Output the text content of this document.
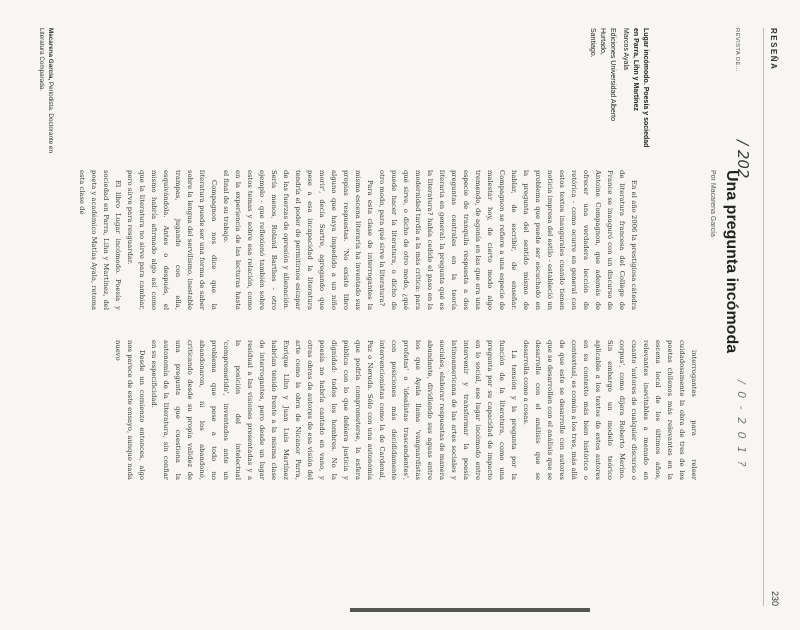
RESEÑA
230
REVISTA DE...
/ 202
/ 0 - 2 0 1 ?
Una pregunta incómoda
Por Macarena García
Lugar incómodo. Poesía y sociedad en Parra, Lihn y Martínez
Marcos Ayala
Ediciones Universidad Alberto Hurtado,
Santiago.

En el año 2006 la prestigiosa cátedra de literatura francesa del Collège de France se inauguró con un discurso de Antoine Compagnon, que además de ofrecer una verdadera lección de retórica - como ocurre en general con estos textos inaugurales cuando tienen noticia impresa del estilo - estableció un problema que puede ser escuchado en la pregunta del sentido mismo de hablar, de escribir, de enseñar. Compagnon se refiere a una especie de malestar hoy, de cierto modo algo tremendo, de agonía en las que era una especie de tranquila respuesta a dos preguntas centrales en la teoría literaria en general: la pregunta qué es la literatura? había cedido el paso en la modernidad tardía a la más crítica: para qué sirve, o dicho de otro modo, ¿qué puede hacer la literatura, o dicho de otro modo, para qué sirve la literatura?

Para esta clase de interrogantes la misma escena literaria ha inventado sus propias respuestas. 'No existe libro alguno que haya impedido a un niño morir', decía Sartre, agregando que pese a esa incapacidad la literatura tendría el poder de permitirnos escapar de las fuerzas de opresión y alienación. Sería menos, Roland Barthes - otro ejemplo - que reflexionó también sobre estos temas y sobre esa relación, como en la experiencia de las lecturas hasta el final de su trabajo.

Compagnon nos dice que la literatura puede ser una forma de saber sobre la lengua del servilismo, inestable trampas, jugando con ella, esquivándola. Antes o después, el mismo habría afirmado algo así como que la literatura no sirve para cambiar, pero sirve para resguardar.

El libro Lugar incómodo. Poesía y sociedad en Parra, Lihn y Martínez, del poeta y académico Matías Ayala, retoma esta clase de

interrogantes para releer cuidadosamente la obra de tres de los poetas chilenos más relevantes en la escena local de los últimos años, relevantes inevitables a menudo en cuanto 'autores de cualquier discurso o corpus', como dijera Roberto Merino. Sin embargo un modelo teórico aplicable a los textos de estos autores en su contexto más bien histórico o contextual, es común a los tres, más allá de que este se desarrolle con autores que se desarrollen con el análisis que se desarrolle con el análisis que se desarrolla como a cosas.

La tensión y la pregunta por la función de la literatura, como una pregunta por su capacidad de impacto en lo social, ese lugar incómodo entre intervenir y transformar la poesía latinoamericana de las artes sociales y sociales, elaborar respuestas de manera abundante, dividiendo sus aguas entre los que Ayala llama 'vanguardistas profetas' o 'idealistas trascendentes', con posiciones más decididamente intervencionistas como la de Cardenal, Paz o Neruda. Sólo con una autonomía que podría comprometerse, la esfera pública con lo que debiera justicia y dignidad: todos los hombres. No la poesía no habría cantado en vano, y otras obras de autores de esa visión del arte como la obra de Nicanor Parra, Enrique Lihn y Juan Luis Martínez habrían tenido frente a la misma clase de interrogantes, pero desde un lugar residual a las visiones presentadas y a la posición del intelectual 'comprometido', inventados ante un problema que pese a todo no abandonaron, ni los abandonó, criticando desde su propia validez de una pregunta que cuestiona la autonomía de la literatura, sin confiar en su especificidad.

Desde un comienzo entonces, algo nos parece de este ensayo, aunque nada nuevo

Macarena García, Periodista. Doctorante en Literatura Comparada.
